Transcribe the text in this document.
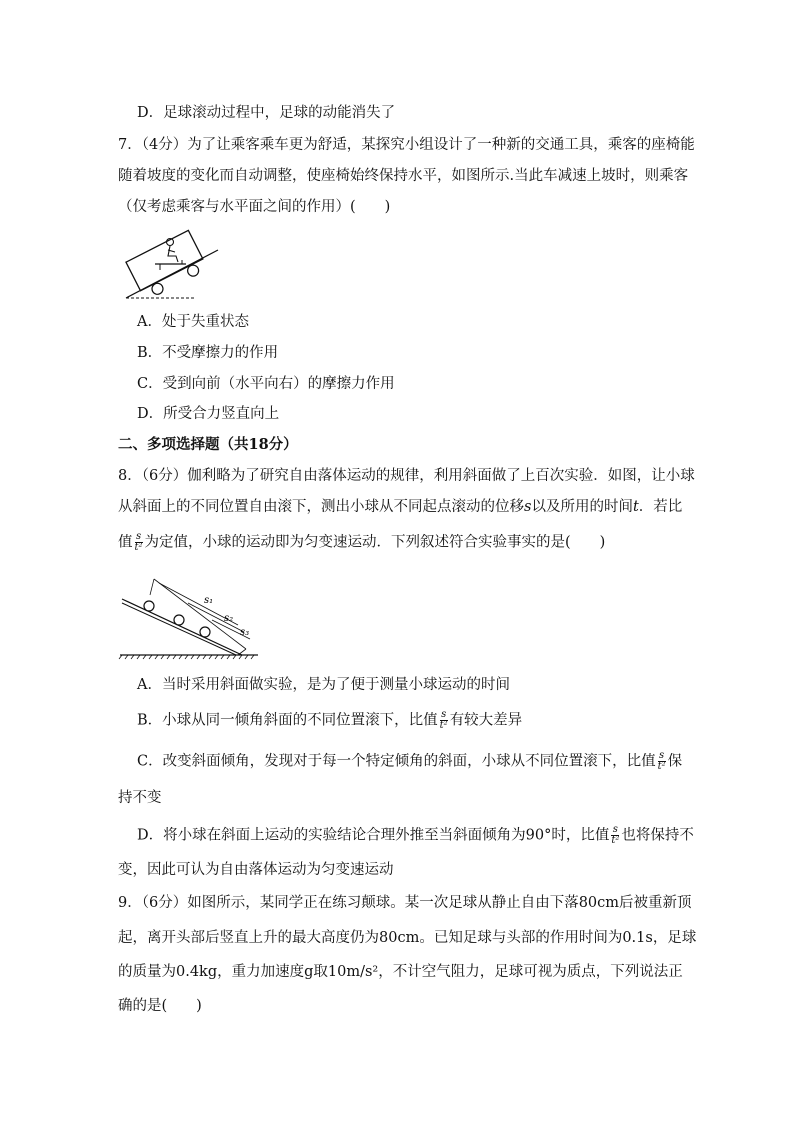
D．足球滚动过程中，足球的动能消失了
7．（4分）为了让乘客乘车更为舒适，某探究小组设计了一种新的交通工具，乘客的座椅能
随着坡度的变化而自动调整，使座椅始终保持水平，如图所示.当此车减速上坡时，则乘客
（仅考虑乘客与水平面之间的作用）(　　)
A．处于失重状态
B．不受摩擦力的作用
C．受到向前（水平向右）的摩擦力作用
D．所受合力竖直向上
二、多项选择题（共18分）
8．（6分）伽利略为了研究自由落体运动的规律，利用斜面做了上百次实验．如图，让小球
从斜面上的不同位置自由滚下，测出小球从不同起点滚动的位移s以及所用的时间t．若比
值 $\frac{s}{\text{t²}}$ 为定值，小球的运动即为匀变速运动．下列叙述符合实验事实的是(　　)
s₁
s₂
s₃
A．当时采用斜面做实验，是为了便于测量小球运动的时间
B．小球从同一倾角斜面的不同位置滚下，比值 $\frac{s}{\text{t²}}$ 有较大差异
C．改变斜面倾角，发现对于每一个特定倾角的斜面，小球从不同位置滚下，比值 $\frac{s}{\text{t²}}$ 保
持不变
D．将小球在斜面上运动的实验结论合理外推至当斜面倾角为90°时，比值 $\frac{s}{\text{t²}}$ 也将保持不
变，因此可认为自由落体运动为匀变速运动
9．（6分）如图所示，某同学正在练习颠球。某一次足球从静止自由下落80cm后被重新顶
起，离开头部后竖直上升的最大高度仍为80cm。已知足球与头部的作用时间为0.1s，足球
的质量为0.4kg，重力加速度g取10m/s²，不计空气阻力，足球可视为质点，下列说法正
确的是(　　)
